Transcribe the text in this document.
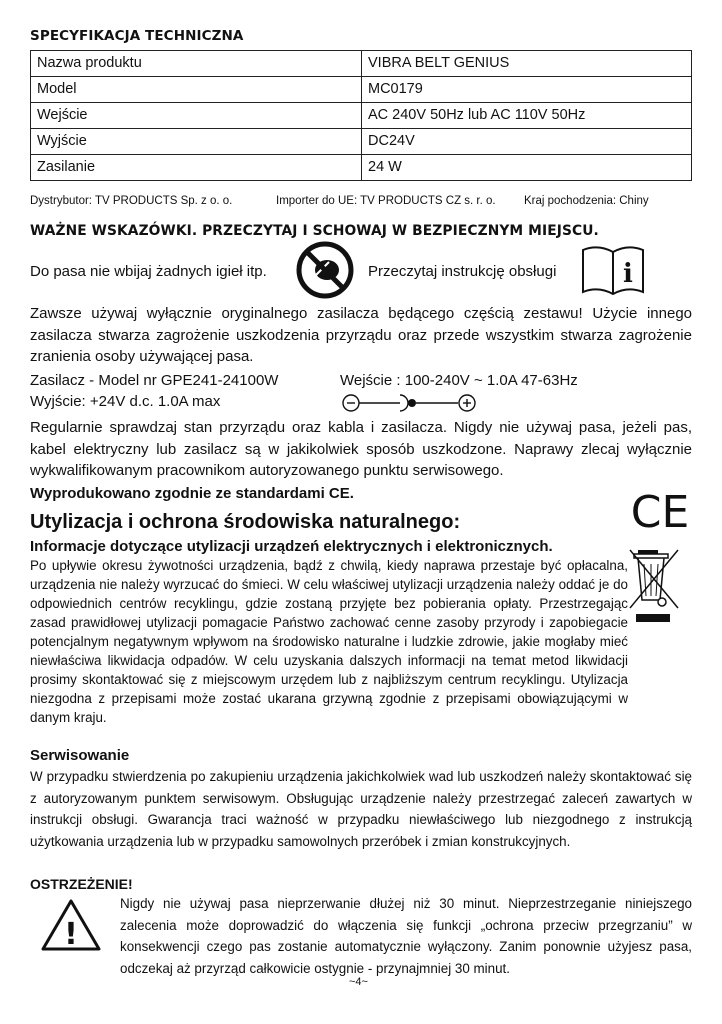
SPECYFIKACJA TECHNICZNA
Nazwa produktu	VIBRA BELT GENIUS
Model	MC0179
Wejście	AC 240V 50Hz lub AC 110V 50Hz
Wyjście	DC24V
Zasilanie	24 W
Dystrybutor: TV PRODUCTS Sp. z o. o.	Importer do UE: TV PRODUCTS CZ s. r. o. Kraj pochodzenia: Chiny
WAŻNE WSKAZÓWKI. PRZECZYTAJ I SCHOWAJ W BEZPIECZNYM MIEJSCU.
Do pasa nie wbijaj żadnych igieł itp.	Przeczytaj instrukcję obsługi	i
Zawsze używaj wyłącznie oryginalnego zasilacza będącego częścią zestawu! Użycie innego zasilacza stwarza zagrożenie uszkodzenia przyrządu oraz przede wszystkim stwarza zagrożenie zranienia osoby używającej pasa.
Zasilacz - Model nr GPE241-24100W
Wyjście: +24V d.c. 1.0A max
Wejście : 100-240V ~ 1.0A 47-63Hz
Regularnie sprawdzaj stan przyrządu oraz kabla i zasilacza. Nigdy nie używaj pasa, jeżeli pas, kabel elektryczny lub zasilacz są w jakikolwiek sposób uszkodzone. Naprawy zlecaj wyłącznie wykwalifikowanym pracownikom autoryzowanego punktu serwisowego.
Wyprodukowano zgodnie ze standardami CE.	CE
Utylizacja i ochrona środowiska naturalnego:
Informacje dotyczące utylizacji urządzeń elektrycznych i elektronicznych.
Po upływie okresu żywotności urządzenia, bądź z chwilą, kiedy naprawa przestaje być opłacalna, urządzenia nie należy wyrzucać do śmieci. W celu właściwej utylizacji urządzenia należy oddać je do odpowiednich centrów recyklingu, gdzie zostaną przyjęte bez pobierania opłaty. Przestrzegając zasad prawidłowej utylizacji pomagacie Państwo zachować cenne zasoby przyrody i zapobiegacie potencjalnym negatywnym wpływom na środowisko naturalne i ludzkie zdrowie, jakie mogłaby mieć niewłaściwa likwidacja odpadów. W celu uzyskania dalszych informacji na temat metod likwidacji prosimy skontaktować się z miejscowym urzędem lub z najbliższym centrum recyklingu. Utylizacja niezgodna z przepisami może zostać ukarana grzywną zgodnie z przepisami obowiązującymi w danym kraju.
Serwisowanie
W przypadku stwierdzenia po zakupieniu urządzenia jakichkolwiek wad lub uszkodzeń należy skontaktować się z autoryzowanym punktem serwisowym. Obsługując urządzenie należy przestrzegać zaleceń zawartych w instrukcji obsługi. Gwarancja traci ważność w przypadku niewłaściwego lub niezgodnego z instrukcją użytkowania urządzenia lub w przypadku samowolnych przeróbek i zmian konstrukcyjnych.
OSTRZEŻENIE!
!
Nigdy nie używaj pasa nieprzerwanie dłużej niż 30 minut. Nieprzestrzeganie niniejszego zalecenia może doprowadzić do włączenia się funkcji „ochrona przeciw przegrzaniu” w konsekwencji czego pas zostanie automatycznie wyłączony. Zanim ponownie użyjesz pasa, odczekaj aż przyrząd całkowicie ostygnie - przynajmniej 30 minut.
~4~
